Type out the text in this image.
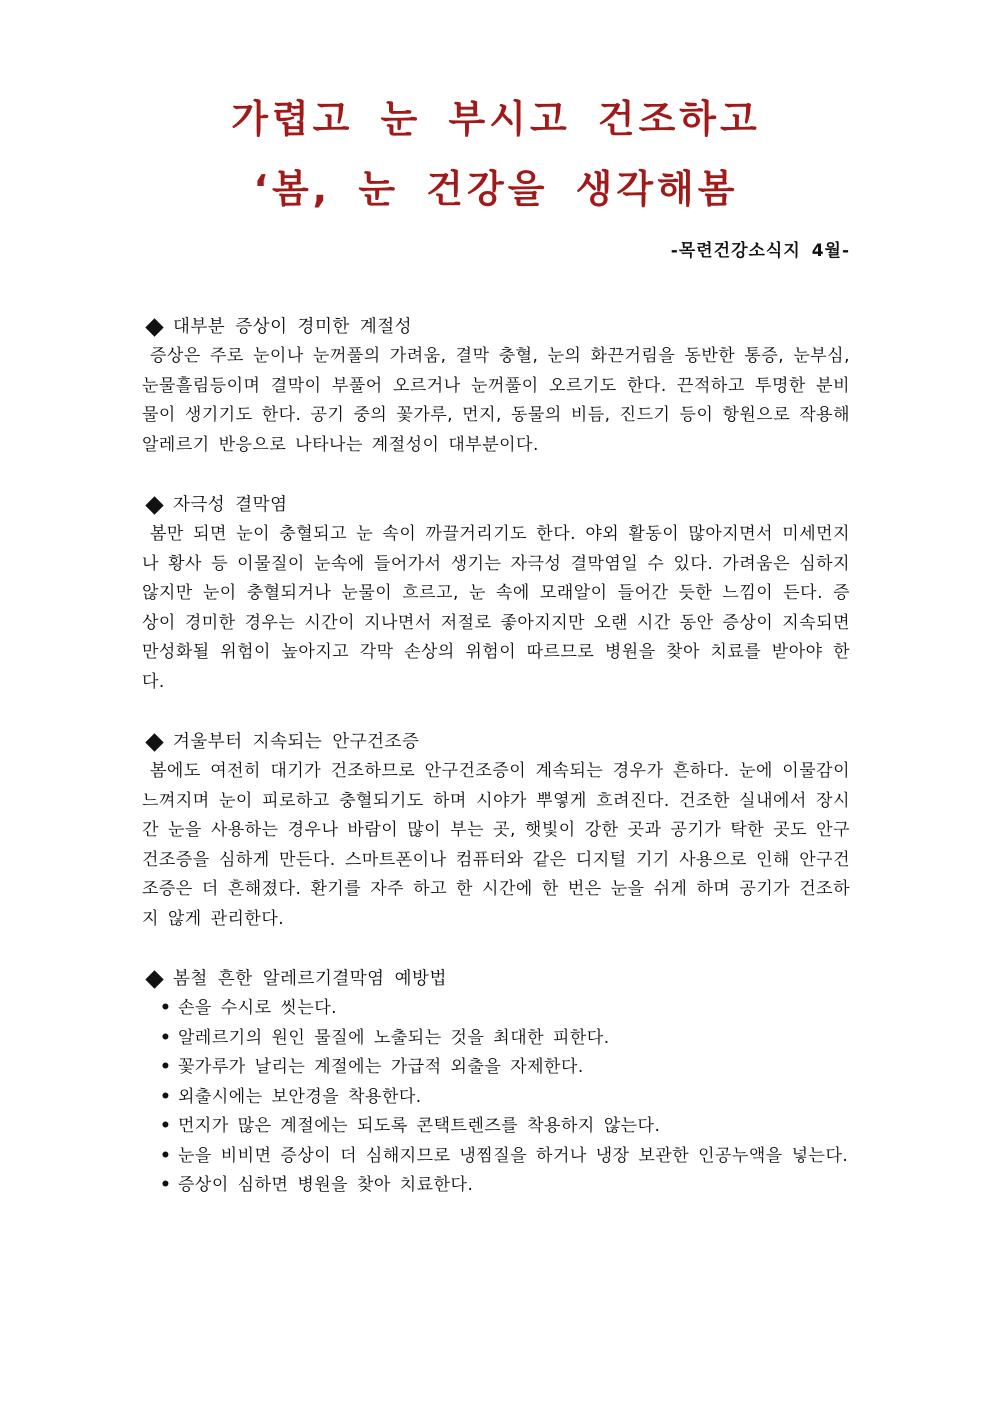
가렵고 눈 부시고 건조하고

‘봄, 눈 건강을 생각해봄

-목련건강소식지 4월-

대부분 증상이 경미한 계절성

증상은 주로 눈이나 눈꺼풀의 가려움, 결막 충혈, 눈의 화끈거림을 동반한 통증, 눈부심, 눈물흘림등이며 결막이 부풀어 오르거나 눈꺼풀이 오르기도 한다. 끈적하고 투명한 분비물이 생기기도 한다. 공기 중의 꽃가루, 먼지, 동물의 비듬, 진드기 등이 항원으로 작용해 알레르기 반응으로 나타나는 계절성이 대부분이다.

자극성 결막염

봄만 되면 눈이 충혈되고 눈 속이 까끌거리기도 한다. 야외 활동이 많아지면서 미세먼지나 황사 등 이물질이 눈속에 들어가서 생기는 자극성 결막염일 수 있다. 가려움은 심하지 않지만 눈이 충혈되거나 눈물이 흐르고, 눈 속에 모래알이 들어간 듯한 느낌이 든다. 증상이 경미한 경우는 시간이 지나면서 저절로 좋아지지만 오랜 시간 동안 증상이 지속되면 만성화될 위험이 높아지고 각막 손상의 위험이 따르므로 병원을 찾아 치료를 받아야 한다.

겨울부터 지속되는 안구건조증

봄에도 여전히 대기가 건조하므로 안구건조증이 계속되는 경우가 흔하다. 눈에 이물감이 느껴지며 눈이 피로하고 충혈되기도 하며 시야가 뿌옇게 흐려진다. 건조한 실내에서 장시간 눈을 사용하는 경우나 바람이 많이 부는 곳, 햇빛이 강한 곳과 공기가 탁한 곳도 안구건조증을 심하게 만든다. 스마트폰이나 컴퓨터와 같은 디지털 기기 사용으로 인해 안구건조증은 더 흔해졌다. 환기를 자주 하고 한 시간에 한 번은 눈을 쉬게 하며 공기가 건조하지 않게 관리한다.

봄철 흔한 알레르기결막염 예방법

• 손을 수시로 씻는다.
• 알레르기의 원인 물질에 노출되는 것을 최대한 피한다.
• 꽃가루가 날리는 계절에는 가급적 외출을 자제한다.
• 외출시에는 보안경을 착용한다.
• 먼지가 많은 계절에는 되도록 콘택트렌즈를 착용하지 않는다.
• 눈을 비비면 증상이 더 심해지므로 냉찜질을 하거나 냉장 보관한 인공누액을 넣는다.
• 증상이 심하면 병원을 찾아 치료한다.
